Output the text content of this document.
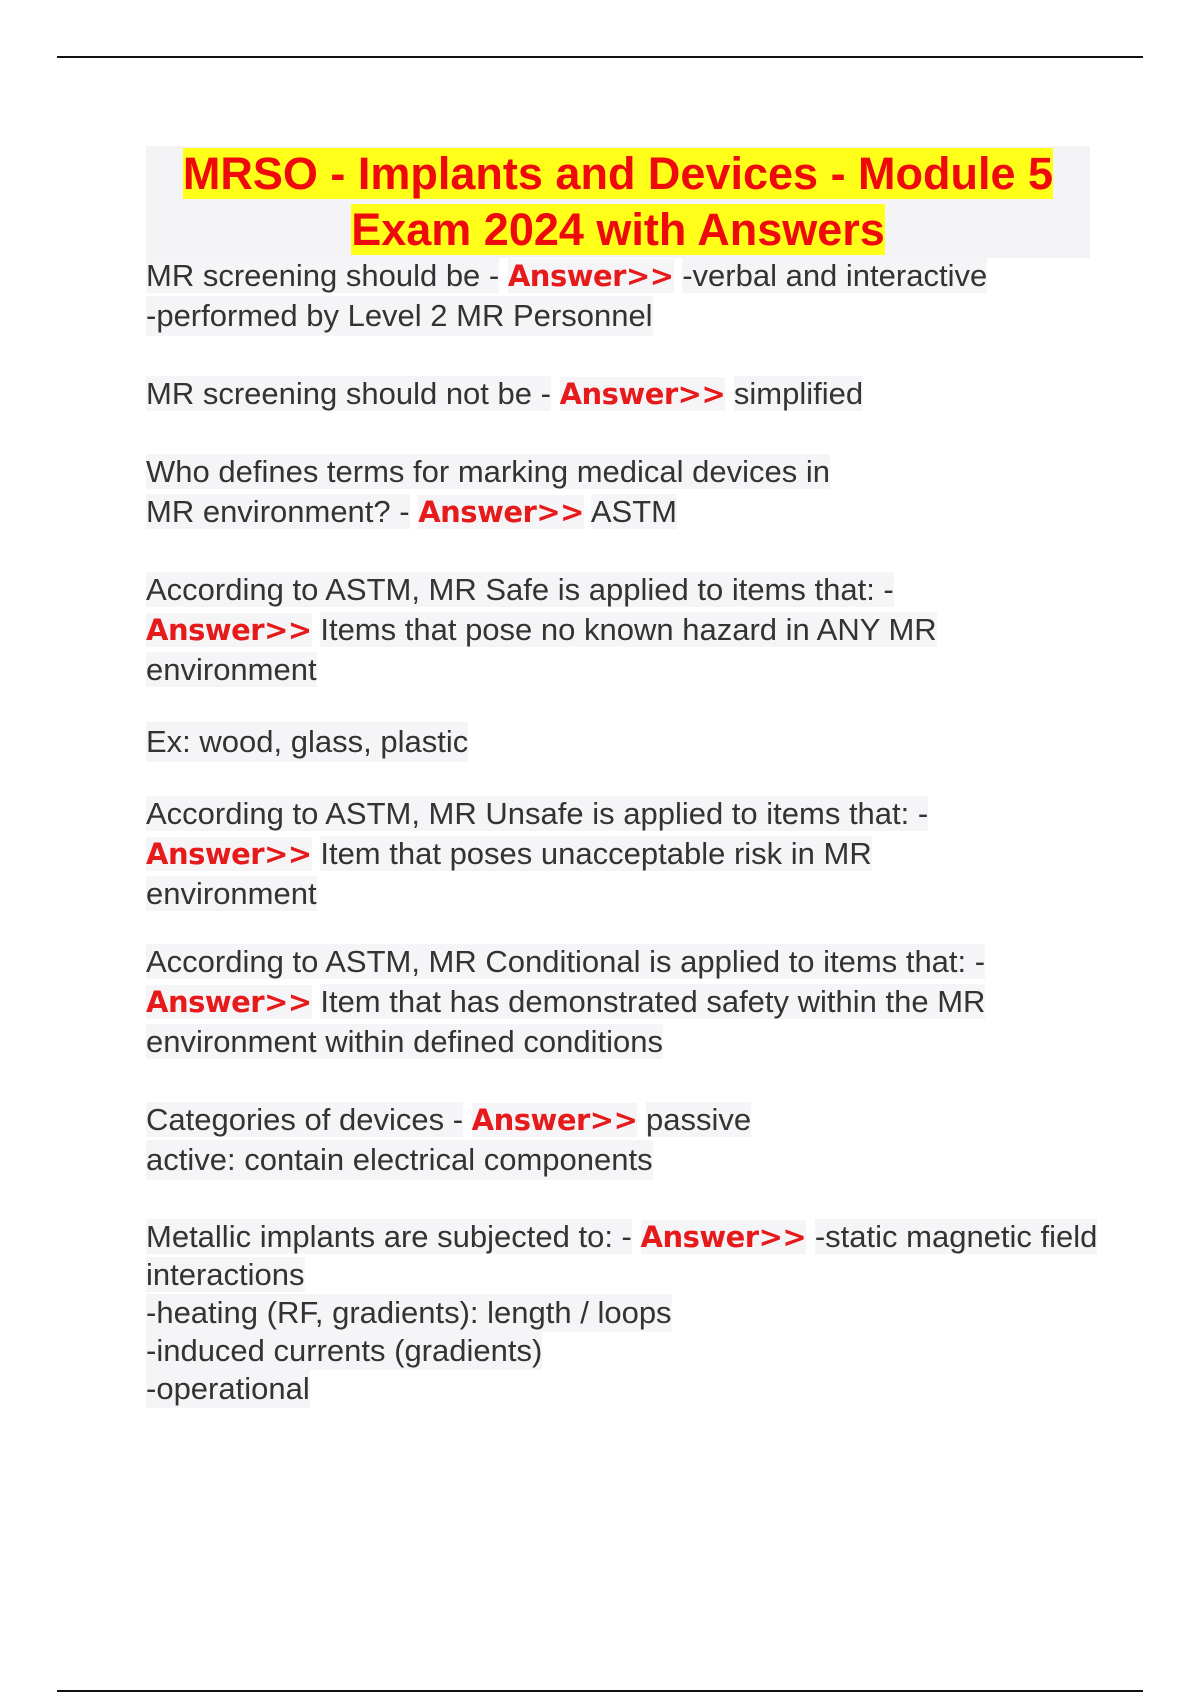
MRSO - Implants and Devices - Module 5 Exam 2024 with Answers

MR screening should be - Answer>> -verbal and interactive
-performed by Level 2 MR Personnel

MR screening should not be - Answer>> simplified

Who defines terms for marking medical devices in MR environment? - Answer>> ASTM

According to ASTM, MR Safe is applied to items that: - Answer>> Items that pose no known hazard in ANY MR environment

Ex: wood, glass, plastic

According to ASTM, MR Unsafe is applied to items that: - Answer>> Item that poses unacceptable risk in MR environment

According to ASTM, MR Conditional is applied to items that: - Answer>> Item that has demonstrated safety within the MR environment within defined conditions

Categories of devices - Answer>> passive
active: contain electrical components

Metallic implants are subjected to: - Answer>> -static magnetic field interactions
-heating (RF, gradients): length / loops
-induced currents (gradients)
-operational
